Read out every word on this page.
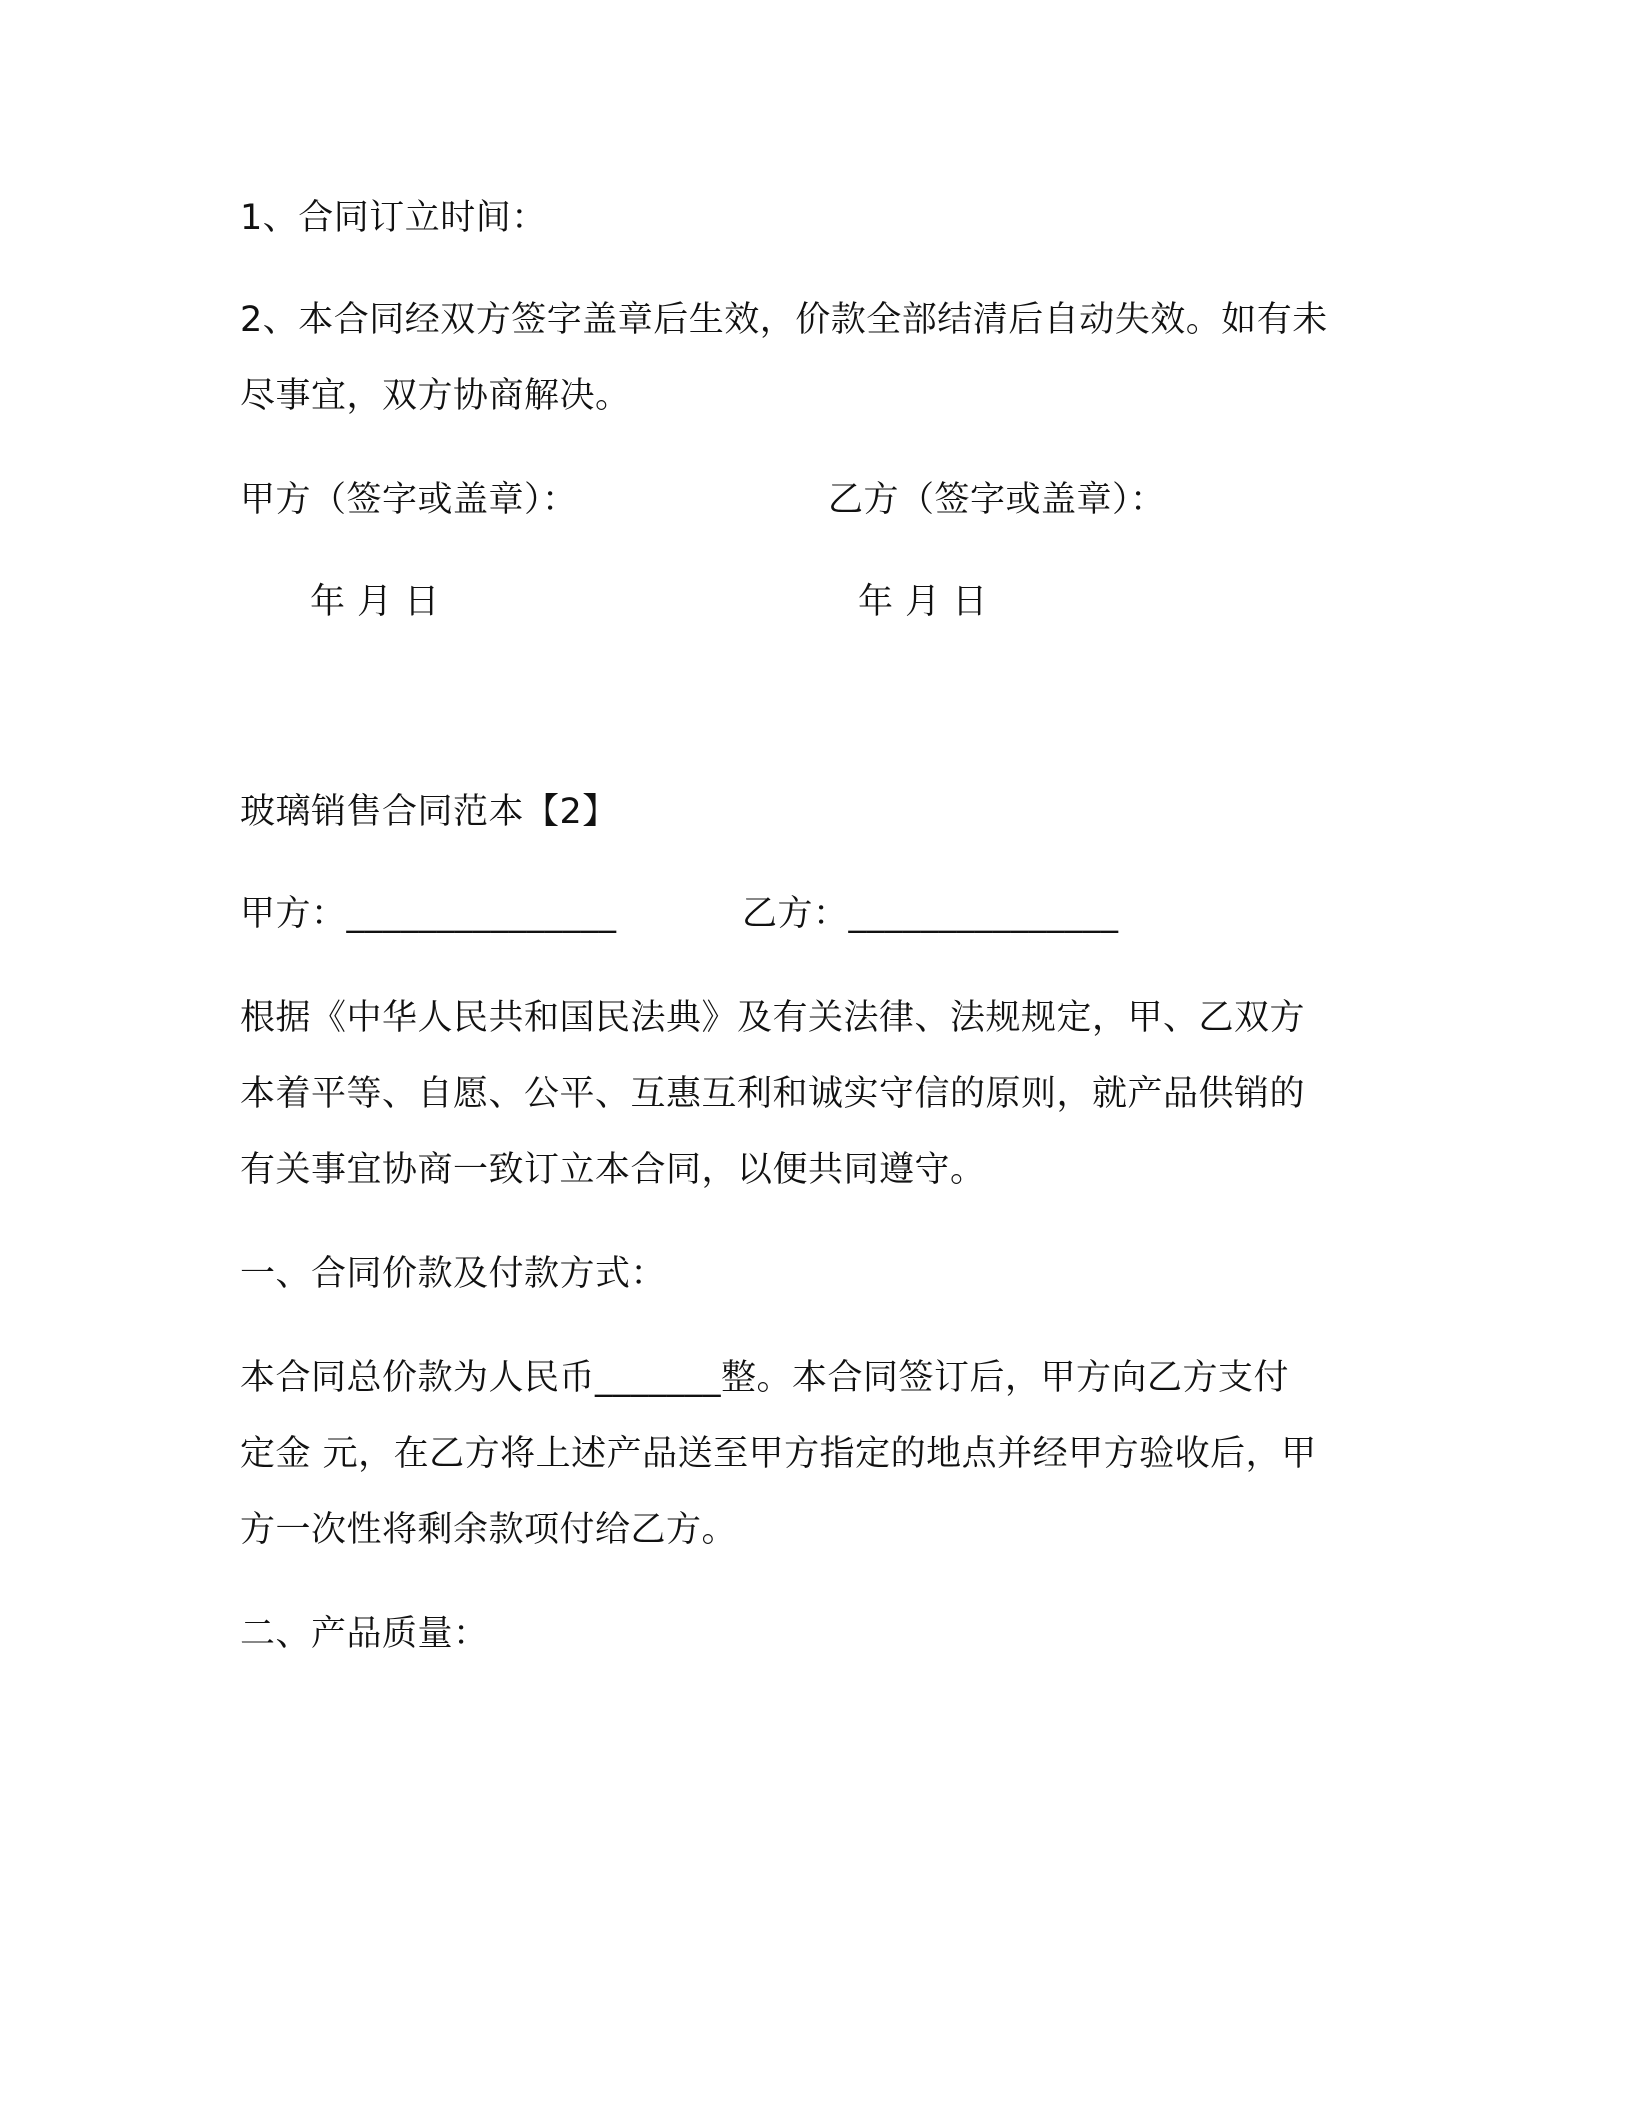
1、合同订立时间：
2、本合同经双方签字盖章后生效，价款全部结清后自动失效。如有未
尽事宜，双方协商解决。
甲方（签字或盖章）：	乙方（签字或盖章）：
年 月 日	年 月 日
玻璃销售合同范本【2】
甲方：_______________	乙方：_______________
根据《中华人民共和国民法典》及有关法律、法规规定，甲、乙双方
本着平等、自愿、公平、互惠互利和诚实守信的原则，就产品供销的
有关事宜协商一致订立本合同，以便共同遵守。
一、合同价款及付款方式：
本合同总价款为人民币_______整。本合同签订后，甲方向乙方支付
定金 元，在乙方将上述产品送至甲方指定的地点并经甲方验收后，甲
方一次性将剩余款项付给乙方。
二、产品质量：
